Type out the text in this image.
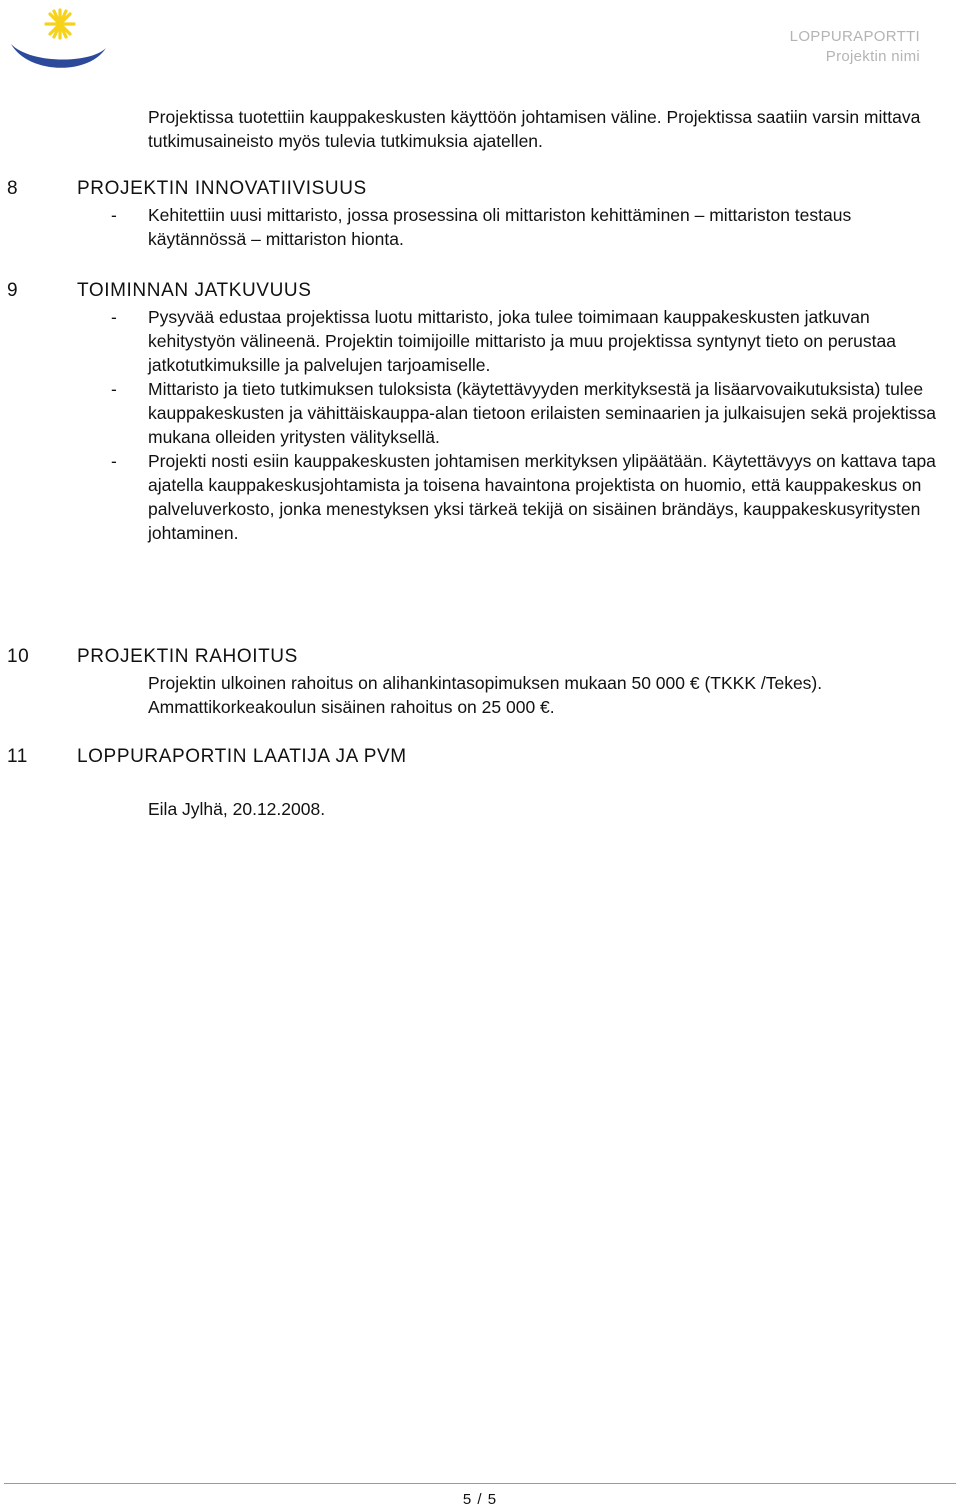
LOPPURAPORTTI
Projektin nimi
Projektissa tuotettiin kauppakeskusten käyttöön johtamisen väline. Projektissa saatiin varsin mittava tutkimusaineisto myös tulevia tutkimuksia ajatellen.
8	PROJEKTIN INNOVATIIVISUUS
- Kehitettiin uusi mittaristo, jossa prosessina oli mittariston kehittäminen – mittariston testaus käytännössä – mittariston hionta.
9	TOIMINNAN JATKUVUUS
- Pysyvää edustaa projektissa luotu mittaristo, joka tulee toimimaan kauppakeskusten jatkuvan kehitystyön välineenä. Projektin toimijoille mittaristo ja muu projektissa syntynyt tieto on perustaa jatkotutkimuksille ja palvelujen tarjoamiselle.
- Mittaristo ja tieto tutkimuksen tuloksista (käytettävyyden merkityksestä ja lisäarvovaikutuksista) tulee kauppakeskusten ja vähittäiskauppa-alan tietoon erilaisten seminaarien ja julkaisujen sekä projektissa mukana olleiden yritysten välityksellä.
- Projekti nosti esiin kauppakeskusten johtamisen merkityksen ylipäätään. Käytettävyys on kattava tapa ajatella kauppakeskusjohtamista ja toisena havaintona projektista on huomio, että kauppakeskus on palveluverkosto, jonka menestyksen yksi tärkeä tekijä on sisäinen brändäys, kauppakeskusyritysten johtaminen.
10	PROJEKTIN RAHOITUS
Projektin ulkoinen rahoitus on alihankintasopimuksen mukaan 50 000 € (TKKK /Tekes). Ammattikorkeakoulun sisäinen rahoitus on 25 000 €.
11	LOPPURAPORTIN LAATIJA JA PVM
Eila Jylhä, 20.12.2008.
5 / 5
